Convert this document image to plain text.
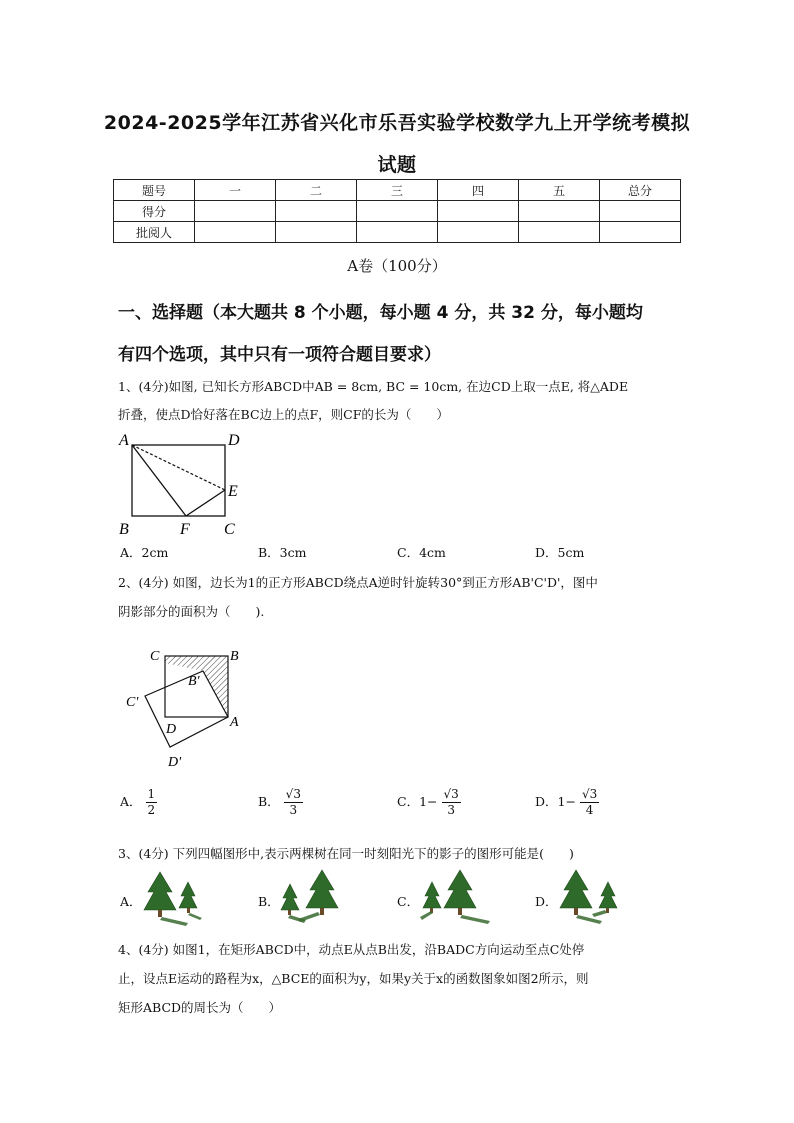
2024-2025学年江苏省兴化市乐吾实验学校数学九上开学统考模拟
试题
题号	一	二	三	四	五	总分
得分						
批阅人						
A卷（100分）
一、选择题（本大题共 8 个小题，每小题 4 分，共 32 分，每小题均
有四个选项，其中只有一项符合题目要求）
1、(4分)如图, 已知长方形ABCD中AB = 8cm, BC = 10cm, 在边CD上取一点E, 将△ADE
折叠，使点D恰好落在BC边上的点F，则CF的长为（　　）
A	D
E
B	F C
A．2cm	B．3cm	C．4cm	D．5cm
2、(4分) 如图，边长为1的正方形ABCD绕点A逆时针旋转30°到正方形AB'C'D'，图中
阴影部分的面积为（　　).
C	B
B'
C'
D	A
D'
A． $\frac{1}{2}$	B． $\frac{√3}{3}$	C．$1- \frac{√3}{3}$	D．$1- \frac{√3}{4}$
3、(4分) 下列四幅图形中,表示两棵树在同一时刻阳光下的影子的图形可能是(　　)
A．	B．	C．	D．
4、(4分) 如图1，在矩形ABCD中，动点E从点B出发，沿BADC方向运动至点C处停
止，设点E运动的路程为x，△BCE的面积为y，如果y关于x的函数图象如图2所示，则
矩形ABCD的周长为（　　）
